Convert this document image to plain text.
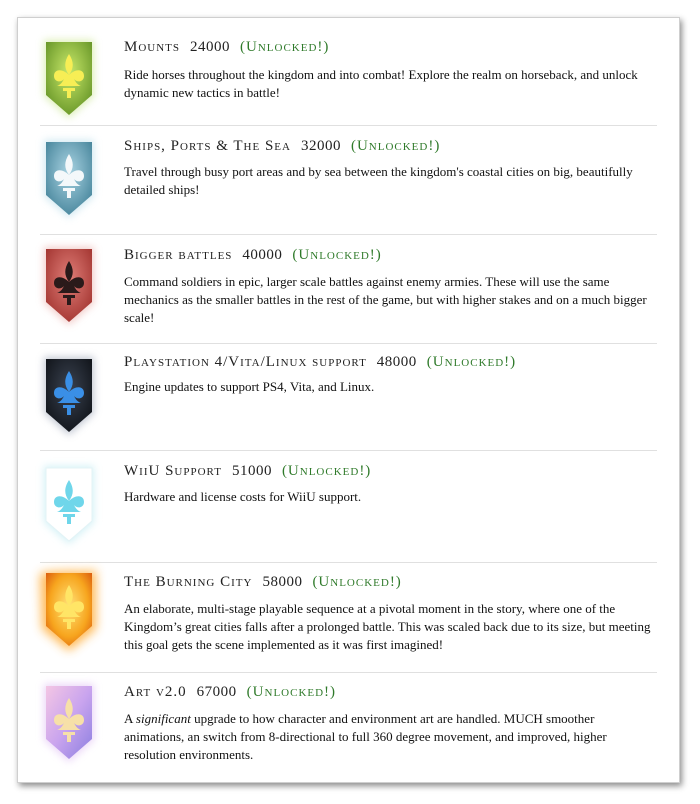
Mounts 24000 (Unlocked!)
Ride horses throughout the kingdom and into combat! Explore the realm on horseback, and unlock dynamic new tactics in battle!
Ships, Ports & The Sea 32000 (Unlocked!)
Travel through busy port areas and by sea between the kingdom's coastal cities on big, beautifully detailed ships!
Bigger battles 40000 (Unlocked!)
Command soldiers in epic, larger scale battles against enemy armies. These will use the same mechanics as the smaller battles in the rest of the game, but with higher stakes and on a much bigger scale!
Playstation 4/Vita/Linux support 48000 (Unlocked!)
Engine updates to support PS4, Vita, and Linux.
WiiU Support 51000 (Unlocked!)
Hardware and license costs for WiiU support.
The Burning City 58000 (Unlocked!)
An elaborate, multi-stage playable sequence at a pivotal moment in the story, where one of the Kingdom’s great cities falls after a prolonged battle. This was scaled back due to its size, but meeting this goal gets the scene implemented as it was first imagined!
Art v2.0 67000 (Unlocked!)
A significant upgrade to how character and environment art are handled. MUCH smoother animations, an switch from 8-directional to full 360 degree movement, and improved, higher resolution environments.
